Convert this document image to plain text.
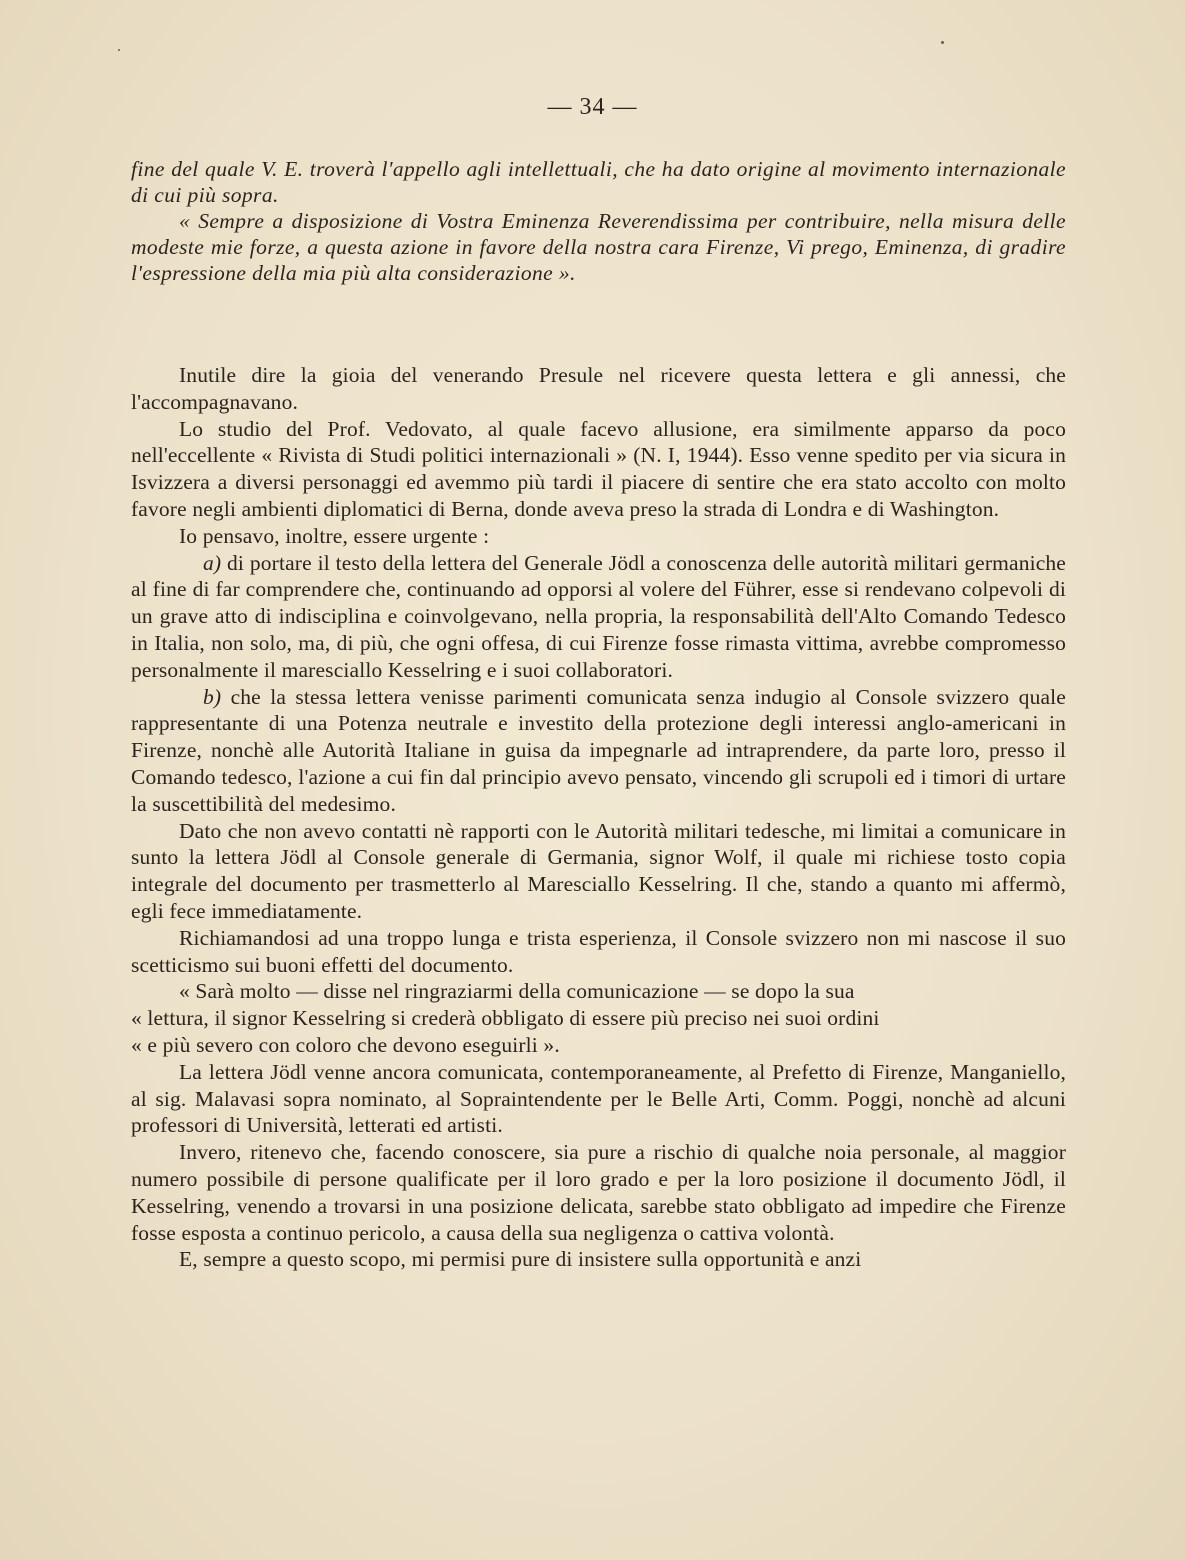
— 34 —

fine del quale V. E. troverà l'appello agli intellettuali, che ha dato origine al movimento internazionale di cui più sopra.

« Sempre a disposizione di Vostra Eminenza Reverendissima per contribuire, nella misura delle modeste mie forze, a questa azione in favore della nostra cara Firenze, Vi prego, Eminenza, di gradire l'espressione della mia più alta considerazione ».

Inutile dire la gioia del venerando Presule nel ricevere questa lettera e gli annessi, che l'accompagnavano.

Lo studio del Prof. Vedovato, al quale facevo allusione, era similmente apparso da poco nell'eccellente « Rivista di Studi politici internazionali » (N. I, 1944). Esso venne spedito per via sicura in Isvizzera a diversi personaggi ed avemmo più tardi il piacere di sentire che era stato accolto con molto favore negli ambienti diplomatici di Berna, donde aveva preso la strada di Londra e di Washington.

Io pensavo, inoltre, essere urgente :

a) di portare il testo della lettera del Generale Jödl a conoscenza delle autorità militari germaniche al fine di far comprendere che, continuando ad opporsi al volere del Führer, esse si rendevano colpevoli di un grave atto di indisciplina e coinvolgevano, nella propria, la responsabilità dell'Alto Comando Tedesco in Italia, non solo, ma, di più, che ogni offesa, di cui Firenze fosse rimasta vittima, avrebbe compromesso personalmente il maresciallo Kesselring e i suoi collaboratori.

b) che la stessa lettera venisse parimenti comunicata senza indugio al Console svizzero quale rappresentante di una Potenza neutrale e investito della protezione degli interessi anglo-americani in Firenze, nonchè alle Autorità Italiane in guisa da impegnarle ad intraprendere, da parte loro, presso il Comando tedesco, l'azione a cui fin dal principio avevo pensato, vincendo gli scrupoli ed i timori di urtare la suscettibilità del medesimo.

Dato che non avevo contatti nè rapporti con le Autorità militari tedesche, mi limitai a comunicare in sunto la lettera Jödl al Console generale di Germania, signor Wolf, il quale mi richiese tosto copia integrale del documento per trasmetterlo al Maresciallo Kesselring. Il che, stando a quanto mi affermò, egli fece immediatamente.

Richiamandosi ad una troppo lunga e trista esperienza, il Console svizzero non mi nascose il suo scetticismo sui buoni effetti del documento.

« Sarà molto — disse nel ringraziarmi della comunicazione — se dopo la sua

« lettura, il signor Kesselring si crederà obbligato di essere più preciso nei suoi ordini

« e più severo con coloro che devono eseguirli ».

La lettera Jödl venne ancora comunicata, contemporaneamente, al Prefetto di Firenze, Manganiello, al sig. Malavasi sopra nominato, al Sopraintendente per le Belle Arti, Comm. Poggi, nonchè ad alcuni professori di Università, letterati ed artisti.

Invero, ritenevo che, facendo conoscere, sia pure a rischio di qualche noia personale, al maggior numero possibile di persone qualificate per il loro grado e per la loro posizione il documento Jödl, il Kesselring, venendo a trovarsi in una posizione delicata, sarebbe stato obbligato ad impedire che Firenze fosse esposta a continuo pericolo, a causa della sua negligenza o cattiva volontà.

E, sempre a questo scopo, mi permisi pure di insistere sulla opportunità e anzi
